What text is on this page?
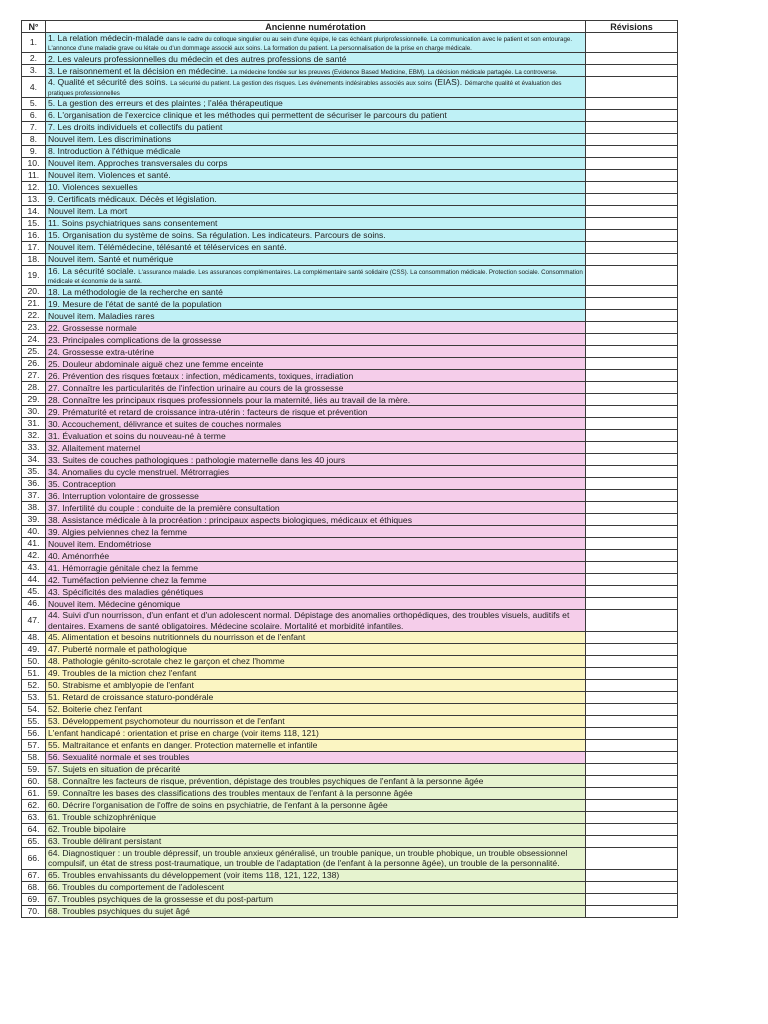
N°	Ancienne numérotation	Révisions
1.	1. La relation médecin-malade dans le cadre du colloque singulier ou au sein d'une équipe, le cas échéant pluriprofessionnelle. La communication avec le patient et son entourage. L'annonce d'une maladie grave ou létale ou d'un dommage associé aux soins. La formation du patient. La personnalisation de la prise en charge médicale.	
2.	2. Les valeurs professionnelles du médecin et des autres professions de santé	
3.	3. Le raisonnement et la décision en médecine. La médecine fondée sur les preuves (Evidence Based Medicine, EBM). La décision médicale partagée. La controverse.	
4.	4. Qualité et sécurité des soins. La sécurité du patient. La gestion des risques. Les événements indésirables associés aux soins (EIAS). Démarche qualité et évaluation des pratiques professionnelles	
5.	5. La gestion des erreurs et des plaintes ; l'aléa thérapeutique	
6.	6. L'organisation de l'exercice clinique et les méthodes qui permettent de sécuriser le parcours du patient	
7.	7. Les droits individuels et collectifs du patient	
8.	Nouvel item. Les discriminations	
9.	8. Introduction à l'éthique médicale	
10.	Nouvel item. Approches transversales du corps	
11.	Nouvel item. Violences et santé.	
12.	10. Violences sexuelles	
13.	9. Certificats médicaux. Décès et législation.	
14.	Nouvel item. La mort	
15.	11. Soins psychiatriques sans consentement	
16.	15. Organisation du système de soins. Sa régulation. Les indicateurs. Parcours de soins.	
17.	Nouvel item. Télémédecine, télésanté et téléservices en santé.	
18.	Nouvel item. Santé et numérique	
19.	16. La sécurité sociale. L'assurance maladie. Les assurances complémentaires. La complémentaire santé solidaire (CSS). La consommation médicale. Protection sociale. Consommation médicale et économie de la santé.	
20.	18. La méthodologie de la recherche en santé	
21.	19. Mesure de l'état de santé de la population	
22.	Nouvel item. Maladies rares	
23.	22. Grossesse normale	
24.	23. Principales complications de la grossesse	
25.	24. Grossesse extra-utérine	
26.	25. Douleur abdominale aiguë chez une femme enceinte	
27.	26. Prévention des risques fœtaux : infection, médicaments, toxiques, irradiation	
28.	27. Connaître les particularités de l'infection urinaire au cours de la grossesse	
29.	28. Connaître les principaux risques professionnels pour la maternité, liés au travail de la mère.	
30.	29. Prématurité et retard de croissance intra-utérin : facteurs de risque et prévention	
31.	30. Accouchement, délivrance et suites de couches normales	
32.	31. Évaluation et soins du nouveau-né à terme	
33.	32. Allaitement maternel	
34.	33. Suites de couches pathologiques : pathologie maternelle dans les 40 jours	
35.	34. Anomalies du cycle menstruel. Métrorragies	
36.	35. Contraception	
37.	36. Interruption volontaire de grossesse	
38.	37. Infertilité du couple : conduite de la première consultation	
39.	38. Assistance médicale à la procréation : principaux aspects biologiques, médicaux et éthiques	
40.	39. Algies pelviennes chez la femme	
41.	Nouvel item. Endométriose	
42.	40. Aménorrhée	
43.	41. Hémorragie génitale chez la femme	
44.	42. Tuméfaction pelvienne chez la femme	
45.	43. Spécificités des maladies génétiques	
46.	Nouvel item. Médecine génomique	
47.	44. Suivi d'un nourrisson, d'un enfant et d'un adolescent normal. Dépistage des anomalies orthopédiques, des troubles visuels, auditifs et dentaires. Examens de santé obligatoires. Médecine scolaire. Mortalité et morbidité infantiles.	
48.	45. Alimentation et besoins nutritionnels du nourrisson et de l'enfant	
49.	47. Puberté normale et pathologique	
50.	48. Pathologie génito-scrotale chez le garçon et chez l'homme	
51.	49. Troubles de la miction chez l'enfant	
52.	50. Strabisme et amblyopie de l'enfant	
53.	51. Retard de croissance staturo-pondérale	
54.	52. Boiterie chez l'enfant	
55.	53. Développement psychomoteur du nourrisson et de l'enfant	
56.	L'enfant handicapé : orientation et prise en charge (voir items 118, 121)	
57.	55. Maltraitance et enfants en danger. Protection maternelle et infantile	
58.	56. Sexualité normale et ses troubles	
59.	57. Sujets en situation de précarité	
60.	58. Connaître les facteurs de risque, prévention, dépistage des troubles psychiques de l'enfant à la personne âgée	
61.	59. Connaître les bases des classifications des troubles mentaux de l'enfant à la personne âgée	
62.	60. Décrire l'organisation de l'offre de soins en psychiatrie, de l'enfant à la personne âgée	
63.	61. Trouble schizophrénique	
64.	62. Trouble bipolaire	
65.	63. Trouble délirant persistant	
66.	64. Diagnostiquer : un trouble dépressif, un trouble anxieux généralisé, un trouble panique, un trouble phobique, un trouble obsessionnel compulsif, un état de stress post-traumatique, un trouble de l'adaptation (de l'enfant à la personne âgée), un trouble de la personnalité.	
67.	65. Troubles envahissants du développement (voir items 118, 121, 122, 138)	
68.	66. Troubles du comportement de l'adolescent	
69.	67. Troubles psychiques de la grossesse et du post-partum	
70.	68. Troubles psychiques du sujet âgé	
